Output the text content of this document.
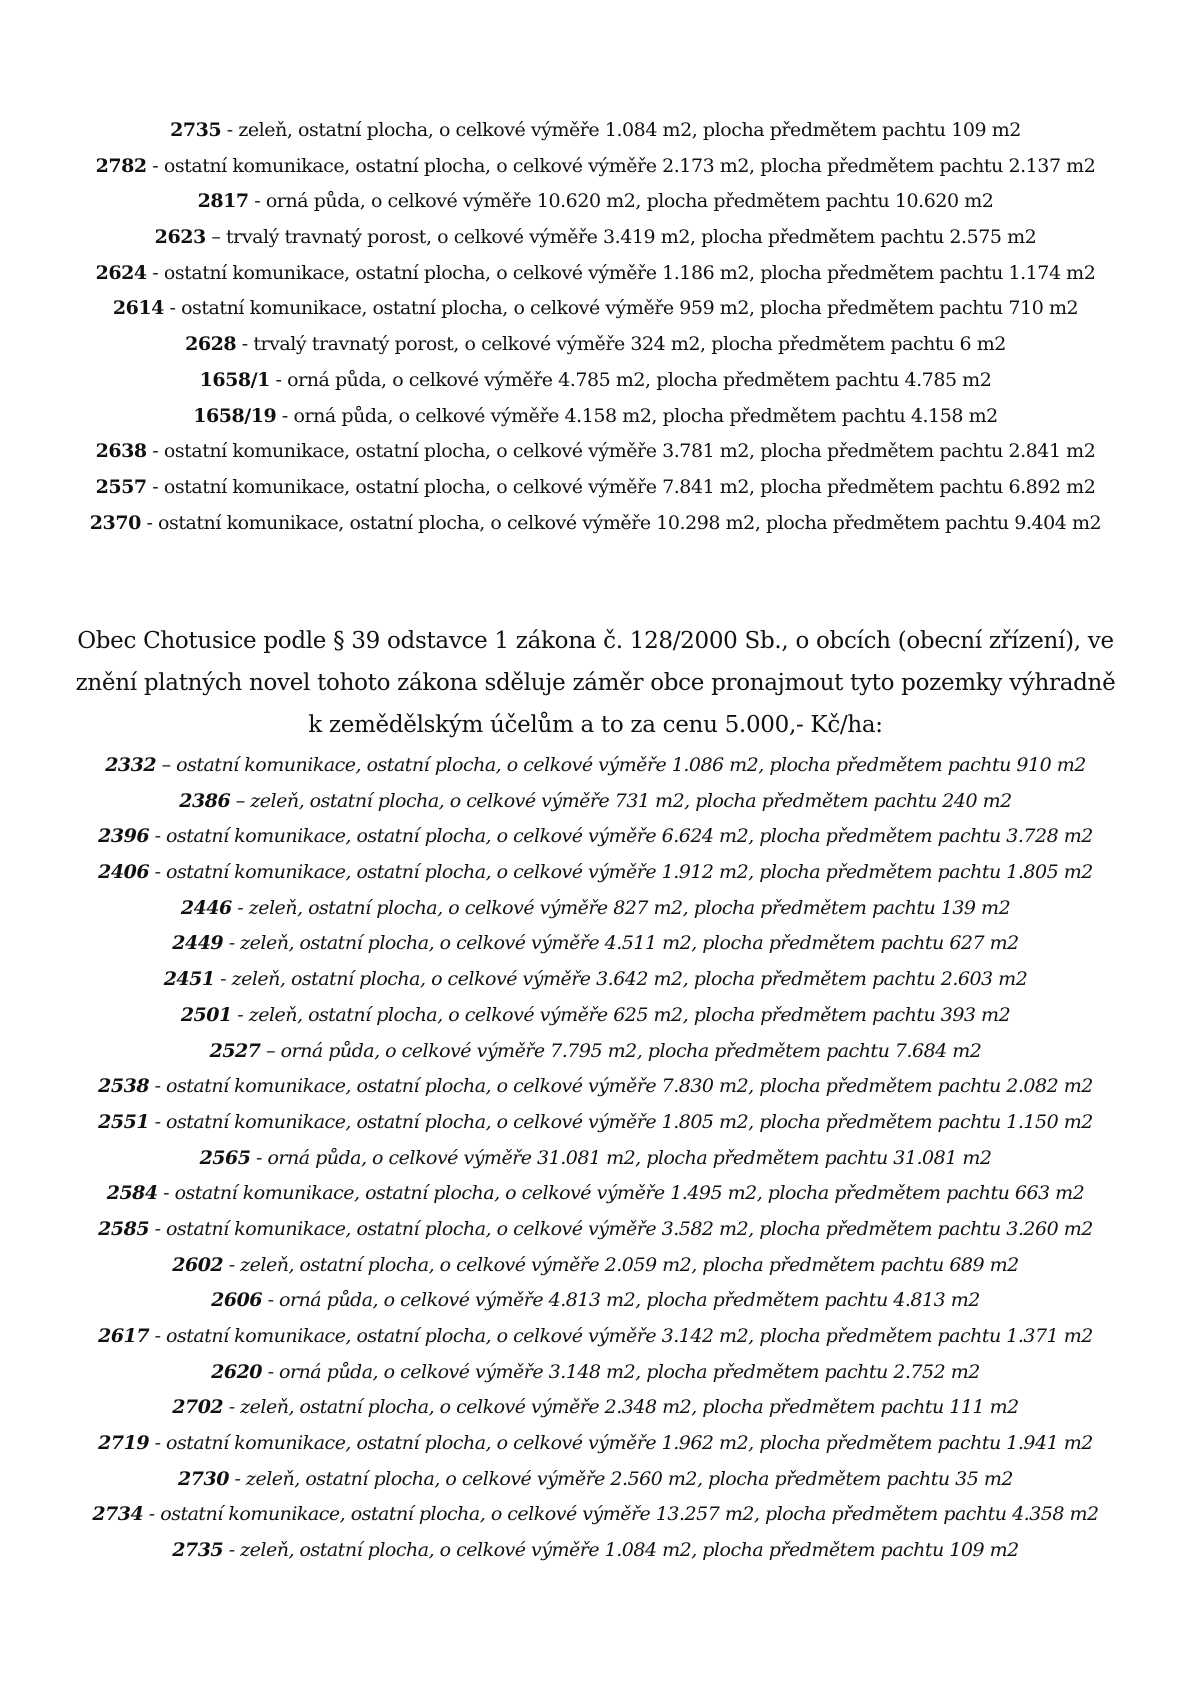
2735 - zeleň, ostatní plocha, o celkové výměře 1.084 m2, plocha předmětem pachtu 109 m2
2782 - ostatní komunikace, ostatní plocha, o celkové výměře 2.173 m2, plocha předmětem pachtu 2.137 m2
2817 - orná půda, o celkové výměře 10.620 m2, plocha předmětem pachtu 10.620 m2
2623 – trvalý travnatý porost, o celkové výměře 3.419 m2, plocha předmětem pachtu 2.575 m2
2624 - ostatní komunikace, ostatní plocha, o celkové výměře 1.186 m2, plocha předmětem pachtu 1.174 m2
2614 - ostatní komunikace, ostatní plocha, o celkové výměře 959 m2, plocha předmětem pachtu 710 m2
2628 - trvalý travnatý porost, o celkové výměře 324 m2, plocha předmětem pachtu 6 m2
1658/1 - orná půda, o celkové výměře 4.785 m2, plocha předmětem pachtu 4.785 m2
1658/19 - orná půda, o celkové výměře 4.158 m2, plocha předmětem pachtu 4.158 m2
2638 - ostatní komunikace, ostatní plocha, o celkové výměře 3.781 m2, plocha předmětem pachtu 2.841 m2
2557 - ostatní komunikace, ostatní plocha, o celkové výměře 7.841 m2, plocha předmětem pachtu 6.892 m2
2370 - ostatní komunikace, ostatní plocha, o celkové výměře 10.298 m2, plocha předmětem pachtu 9.404 m2
Obec Chotusice podle § 39 odstavce 1 zákona č. 128/2000 Sb., o obcích (obecní zřízení), ve
znění platných novel tohoto zákona sděluje záměr obce pronajmout tyto pozemky výhradně
k zemědělským účelům a to za cenu 5.000,- Kč/ha:
2332 – ostatní komunikace, ostatní plocha, o celkové výměře 1.086 m2, plocha předmětem pachtu 910 m2
2386 – zeleň, ostatní plocha, o celkové výměře 731 m2, plocha předmětem pachtu 240 m2
2396 - ostatní komunikace, ostatní plocha, o celkové výměře 6.624 m2, plocha předmětem pachtu 3.728 m2
2406 - ostatní komunikace, ostatní plocha, o celkové výměře 1.912 m2, plocha předmětem pachtu 1.805 m2
2446 - zeleň, ostatní plocha, o celkové výměře 827 m2, plocha předmětem pachtu 139 m2
2449 - zeleň, ostatní plocha, o celkové výměře 4.511 m2, plocha předmětem pachtu 627 m2
2451 - zeleň, ostatní plocha, o celkové výměře 3.642 m2, plocha předmětem pachtu 2.603 m2
2501 - zeleň, ostatní plocha, o celkové výměře 625 m2, plocha předmětem pachtu 393 m2
2527 – orná půda, o celkové výměře 7.795 m2, plocha předmětem pachtu 7.684 m2
2538 - ostatní komunikace, ostatní plocha, o celkové výměře 7.830 m2, plocha předmětem pachtu 2.082 m2
2551 - ostatní komunikace, ostatní plocha, o celkové výměře 1.805 m2, plocha předmětem pachtu 1.150 m2
2565 - orná půda, o celkové výměře 31.081 m2, plocha předmětem pachtu 31.081 m2
2584 - ostatní komunikace, ostatní plocha, o celkové výměře 1.495 m2, plocha předmětem pachtu 663 m2
2585 - ostatní komunikace, ostatní plocha, o celkové výměře 3.582 m2, plocha předmětem pachtu 3.260 m2
2602 - zeleň, ostatní plocha, o celkové výměře 2.059 m2, plocha předmětem pachtu 689 m2
2606 - orná půda, o celkové výměře 4.813 m2, plocha předmětem pachtu 4.813 m2
2617 - ostatní komunikace, ostatní plocha, o celkové výměře 3.142 m2, plocha předmětem pachtu 1.371 m2
2620 - orná půda, o celkové výměře 3.148 m2, plocha předmětem pachtu 2.752 m2
2702 - zeleň, ostatní plocha, o celkové výměře 2.348 m2, plocha předmětem pachtu 111 m2
2719 - ostatní komunikace, ostatní plocha, o celkové výměře 1.962 m2, plocha předmětem pachtu 1.941 m2
2730 - zeleň, ostatní plocha, o celkové výměře 2.560 m2, plocha předmětem pachtu 35 m2
2734 - ostatní komunikace, ostatní plocha, o celkové výměře 13.257 m2, plocha předmětem pachtu 4.358 m2
2735 - zeleň, ostatní plocha, o celkové výměře 1.084 m2, plocha předmětem pachtu 109 m2
